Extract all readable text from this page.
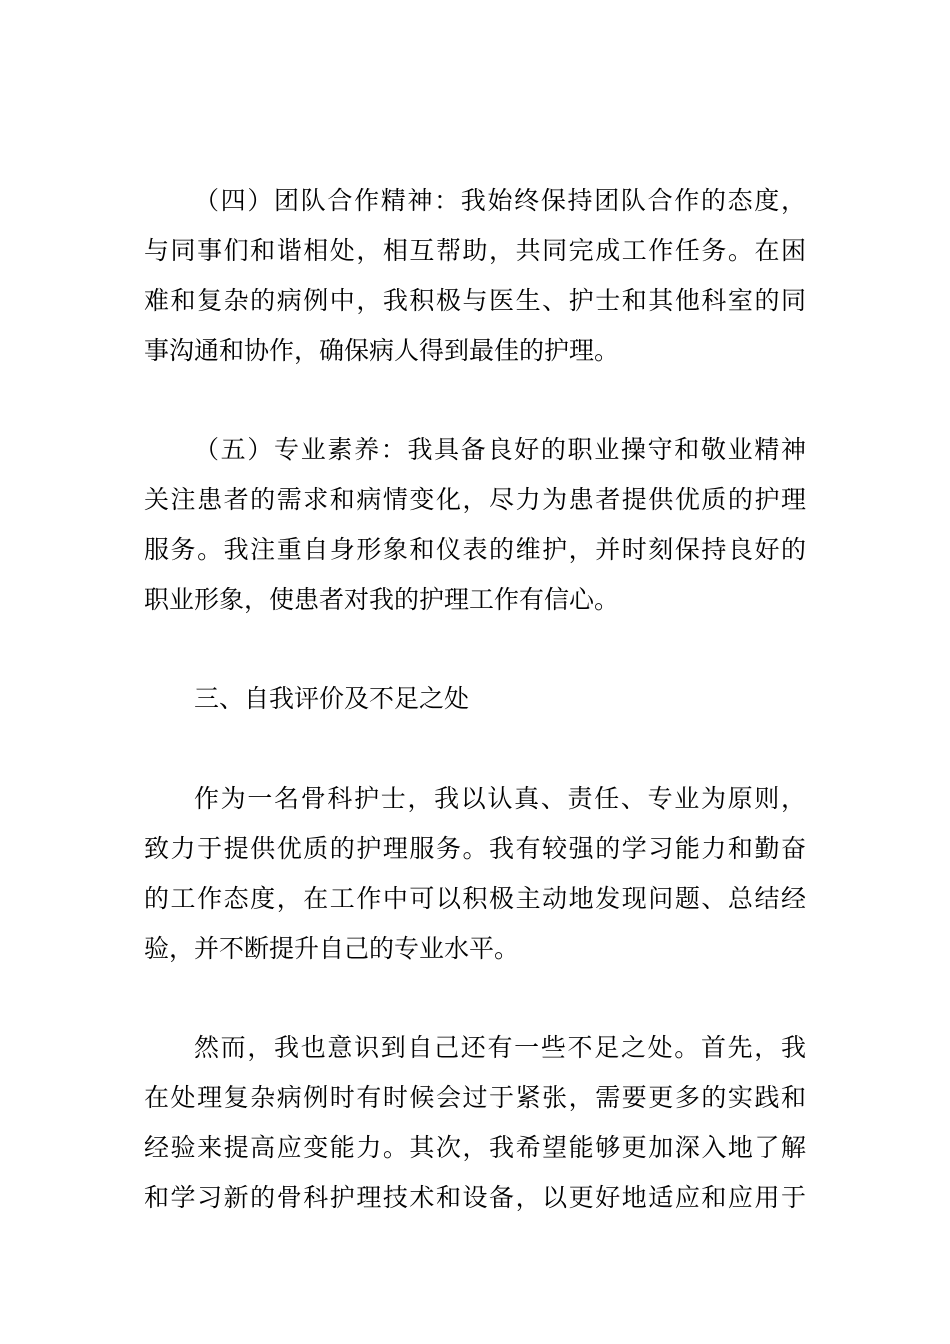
（四）团队合作精神：我始终保持团队合作的态度，
与同事们和谐相处，相互帮助，共同完成工作任务。在困
难和复杂的病例中，我积极与医生、护士和其他科室的同
事沟通和协作，确保病人得到最佳的护理。
（五）专业素养：我具备良好的职业操守和敬业精神
关注患者的需求和病情变化，尽力为患者提供优质的护理
服务。我注重自身形象和仪表的维护，并时刻保持良好的
职业形象，使患者对我的护理工作有信心。
三、自我评价及不足之处
作为一名骨科护士，我以认真、责任、专业为原则，
致力于提供优质的护理服务。我有较强的学习能力和勤奋
的工作态度，在工作中可以积极主动地发现问题、总结经
验，并不断提升自己的专业水平。
然而，我也意识到自己还有一些不足之处。首先，我
在处理复杂病例时有时候会过于紧张，需要更多的实践和
经验来提高应变能力。其次，我希望能够更加深入地了解
和学习新的骨科护理技术和设备，以更好地适应和应用于
